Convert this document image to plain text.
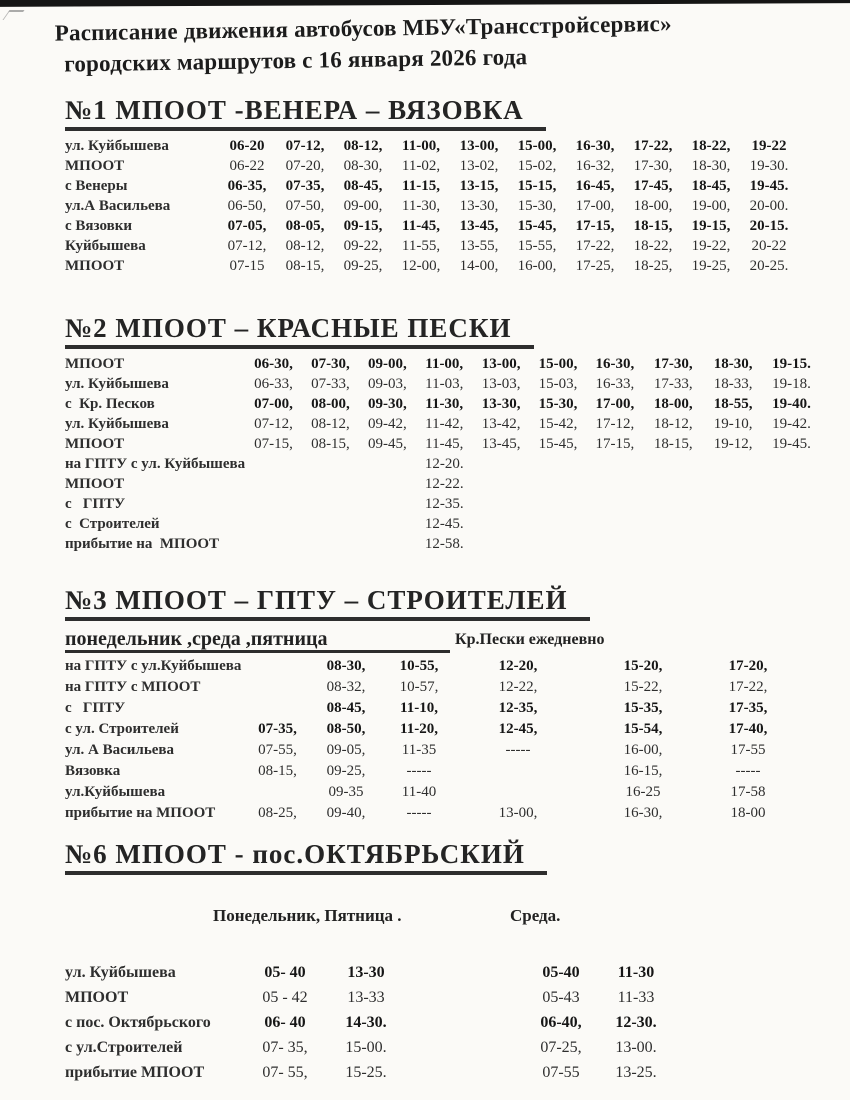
Расписание движения автобусов МБУ«Трансстройсервис»
городских маршрутов с 16 января 2026 года
№1 МПООТ -ВЕНЕРА – ВЯЗОВКА
ул. Куйбышева	06-20	07-12,	08-12,	11-00,	13-00,	15-00,	16-30,	17-22,	18-22,	19-22
МПООТ	06-22	07-20,	08-30,	11-02,	13-02,	15-02,	16-32,	17-30,	18-30,	19-30.
с Венеры	06-35,	07-35,	08-45,	11-15,	13-15,	15-15,	16-45,	17-45,	18-45,	19-45.
ул.А Васильева	06-50,	07-50,	09-00,	11-30,	13-30,	15-30,	17-00,	18-00,	19-00,	20-00.
с Вязовки	07-05,	08-05,	09-15,	11-45,	13-45,	15-45,	17-15,	18-15,	19-15,	20-15.
Куйбышева	07-12,	08-12,	09-22,	11-55,	13-55,	15-55,	17-22,	18-22,	19-22,	20-22
МПООТ	07-15	08-15,	09-25,	12-00,	14-00,	16-00,	17-25,	18-25,	19-25,	20-25.
№2 МПООТ – КРАСНЫЕ ПЕСКИ
МПООТ	06-30,	07-30,	09-00,	11-00,	13-00,	15-00,	16-30,	17-30,	18-30,	19-15.
ул. Куйбышева	06-33,	07-33,	09-03,	11-03,	13-03,	15-03,	16-33,	17-33,	18-33,	19-18.
с  Кр. Песков	07-00,	08-00,	09-30,	11-30,	13-30,	15-30,	17-00,	18-00,	18-55,	19-40.
ул. Куйбышева	07-12,	08-12,	09-42,	11-42,	13-42,	15-42,	17-12,	18-12,	19-10,	19-42.
МПООТ	07-15,	08-15,	09-45,	11-45,	13-45,	15-45,	17-15,	18-15,	19-12,	19-45.
на ГПТУ с ул. Куйбышева				12-20.						
МПООТ				12-22.						
с   ГПТУ				12-35.						
с  Строителей				12-45.						
прибытие на  МПООТ				12-58.						
№3 МПООТ – ГПТУ – СТРОИТЕЛЕЙ
понедельник ,среда ,пятница	Кр.Пески ежедневно
на ГПТУ с ул.Куйбышева		08-30,	10-55,	12-20,	15-20,	17-20,
на ГПТУ с МПООТ		08-32,	10-57,	12-22,	15-22,	17-22,
с   ГПТУ		08-45,	11-10,	12-35,	15-35,	17-35,
с ул. Строителей	07-35,	08-50,	11-20,	12-45,	15-54,	17-40,
ул. А Васильева	07-55,	09-05,	11-35	-----	16-00,	17-55
Вязовка	08-15,	09-25,	-----		16-15,	-----
ул.Куйбышева		09-35	11-40		16-25	17-58
прибытие на МПООТ	08-25,	09-40,	-----	13-00,	16-30,	18-00
№6 МПООТ - пос.ОКТЯБРЬСКИЙ
Понедельник, Пятница .	Среда.
ул. Куйбышева	05- 40	13-30		05-40	11-30
МПООТ	05 - 42	13-33		05-43	11-33
с пос. Октябрьского	06- 40	14-30.		06-40,	12-30.
с ул.Строителей	07- 35,	15-00.		07-25,	13-00.
прибытие МПООТ	07- 55,	15-25.		07-55	13-25.
